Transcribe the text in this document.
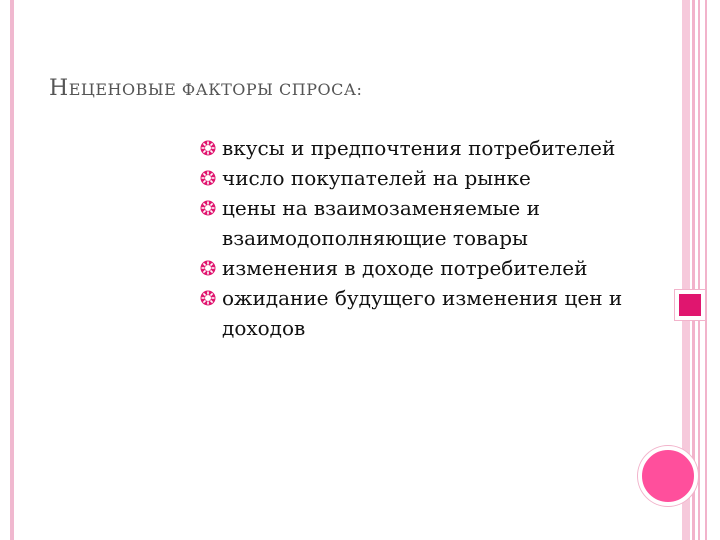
НЕЦЕНОВЫЕ ФАКТОРЫ СПРОСА:
вкусы и предпочтения потребителей
число покупателей на рынке
цены на взаимозаменяемые и взаимодополняющие товары
изменения в доходе потребителей
ожидание будущего изменения цен и доходов
